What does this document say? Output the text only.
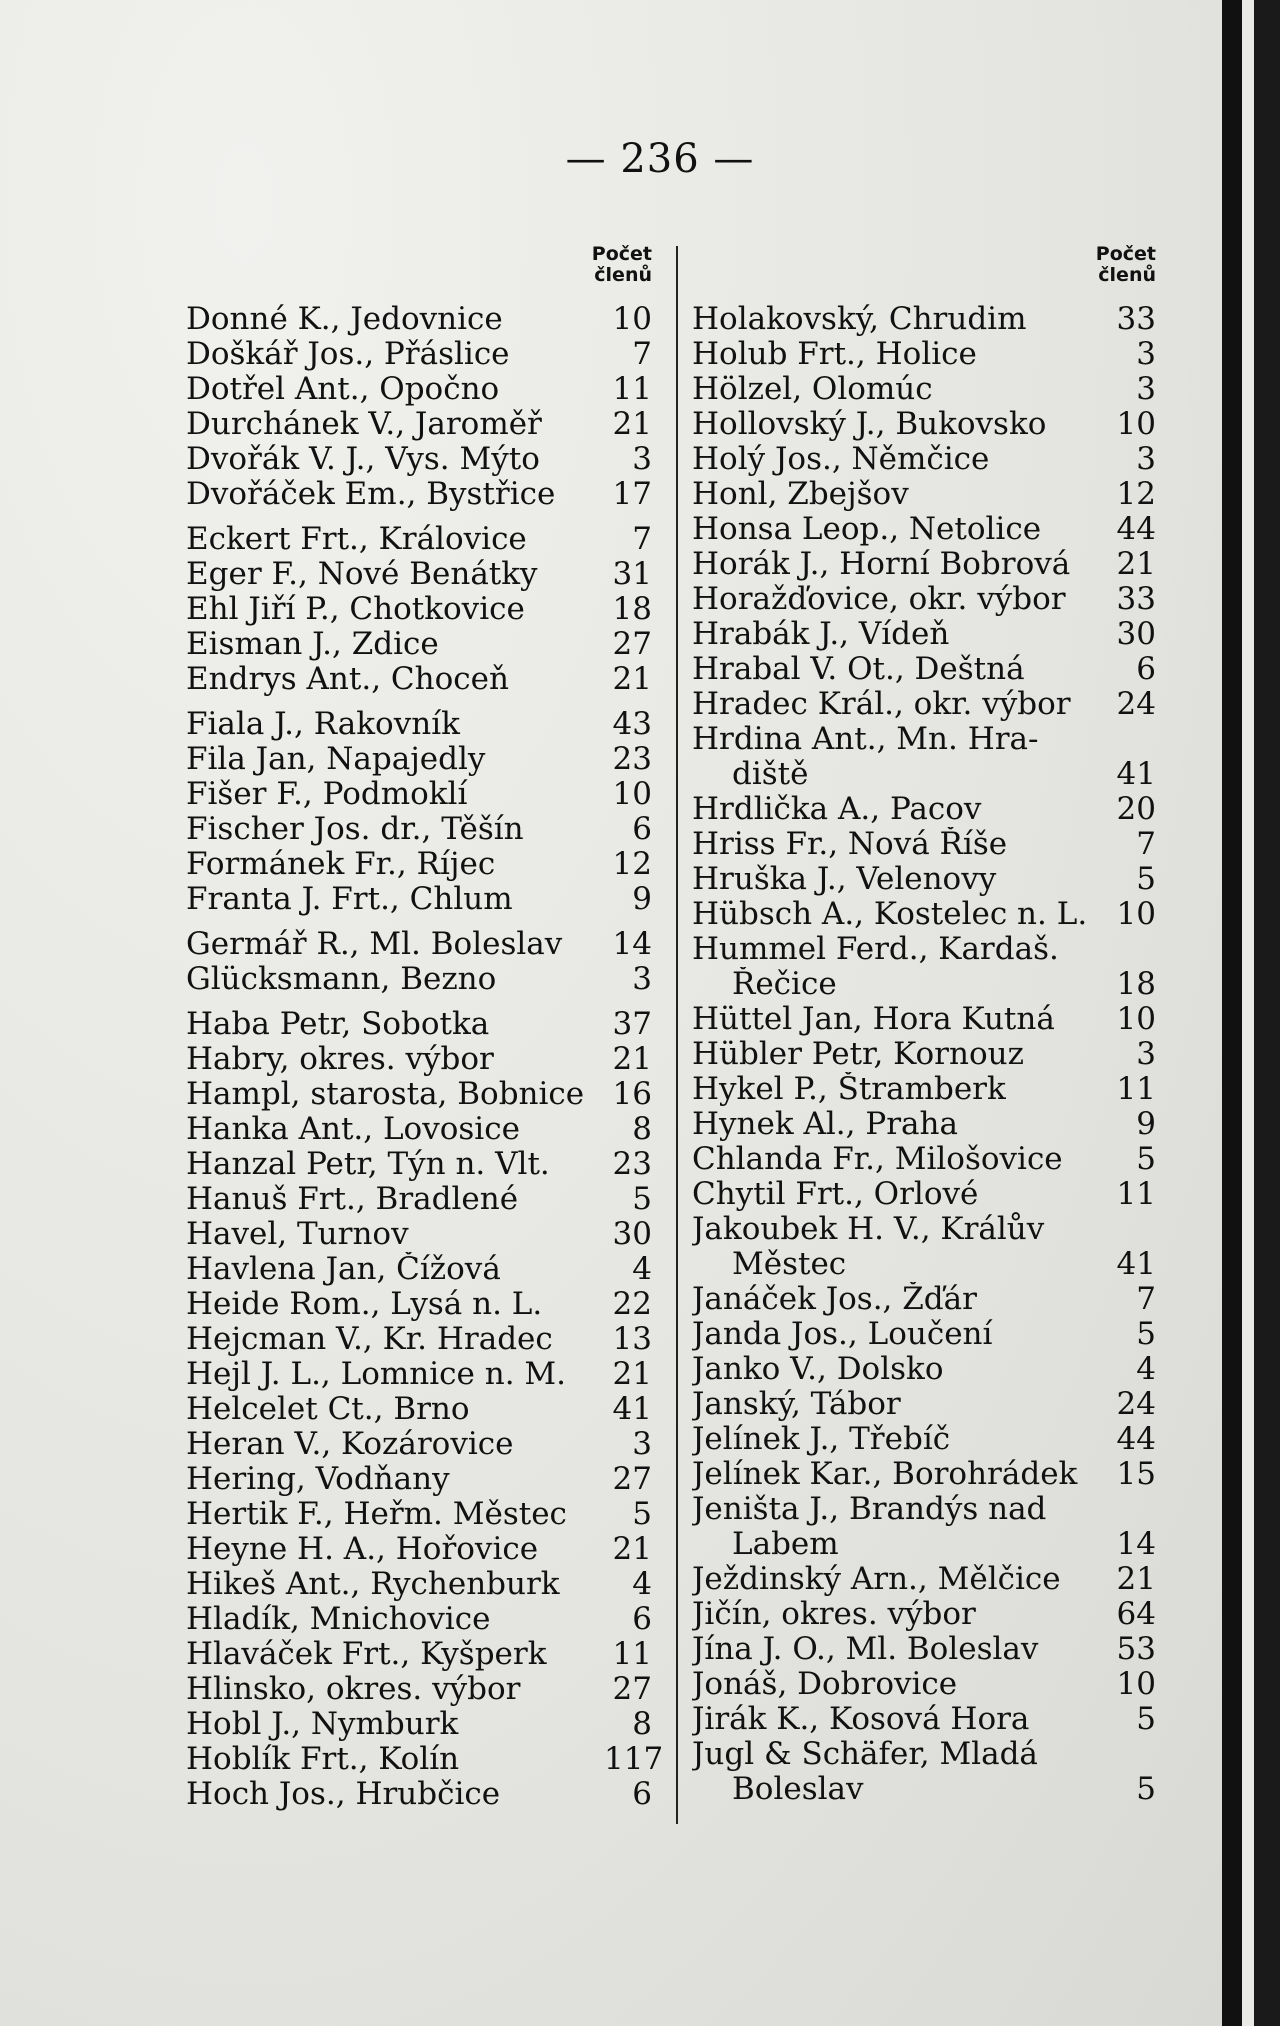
— 236 —
Počet
členů
Donné K., Jedovnice	10
Doškář Jos., Přáslice	7
Dotřel Ant., Opočno	11
Durchánek V., Jaroměř	21
Dvořák V. J., Vys. Mýto	3
Dvořáček Em., Bystřice	17
Eckert Frt., Královice	7
Eger F., Nové Benátky	31
Ehl Jiří P., Chotkovice	18
Eisman J., Zdice	27
Endrys Ant., Choceň	21
Fiala J., Rakovník	43
Fila Jan, Napajedly	23
Fišer F., Podmoklí	10
Fischer Jos. dr., Těšín	6
Formánek Fr., Ríjec	12
Franta J. Frt., Chlum	9
Germář R., Ml. Boleslav	14
Glücksmann, Bezno	3
Haba Petr, Sobotka	37
Habry, okres. výbor	21
Hampl, starosta, Bobnice 16
Hanka Ant., Lovosice	8
Hanzal Petr, Týn n. Vlt.	23
Hanuš Frt., Bradlené	5
Havel, Turnov	30
Havlena Jan, Čížová	4
Heide Rom., Lysá n. L.	22
Hejcman V., Kr. Hradec	13
Hejl J. L., Lomnice n. M.	21
Helcelet Ct., Brno	41
Heran V., Kozárovice	3
Hering, Vodňany	27
Hertik F., Heřm. Městec	5
Heyne H. A., Hořovice	21
Hikeš Ant., Rychenburk	4
Hladík, Mnichovice	6
Hlaváček Frt., Kyšperk	11
Hlinsko, okres. výbor	27
Hobl J., Nymburk	8
Hoblík Frt., Kolín	117
Hoch Jos., Hrubčice	6
Počet
členů
Holakovský, Chrudim	33
Holub Frt., Holice	3
Hölzel, Olomúc	3
Hollovský J., Bukovsko	10
Holý Jos., Němčice	3
Honl, Zbejšov	12
Honsa Leop., Netolice	44
Horák J., Horní Bobrová	21
Horažďovice, okr. výbor	33
Hrabák J., Vídeň	30
Hrabal V. Ot., Deštná	6
Hradec Král., okr. výbor	24
Hrdina Ant., Mn. Hra-
diště	41
Hrdlička A., Pacov	20
Hriss Fr., Nová Říše	7
Hruška J., Velenovy	5
Hübsch A., Kostelec n. L. 10
Hummel Ferd., Kardaš.
Řečice	18
Hüttel Jan, Hora Kutná	10
Hübler Petr, Kornouz	3
Hykel P., Štramberk	11
Hynek Al., Praha	9
Chlanda Fr., Milošovice	5
Chytil Frt., Orlové	11
Jakoubek H. V., Králův
Městec	41
Janáček Jos., Žďár	7
Janda Jos., Loučení	5
Janko V., Dolsko	4
Janský, Tábor	24
Jelínek J., Třebíč	44
Jelínek Kar., Borohrádek	15
Jeništa J., Brandýs nad
Labem	14
Ježdinský Arn., Mělčice	21
Jičín, okres. výbor	64
Jína J. O., Ml. Boleslav	53
Jonáš, Dobrovice	10
Jirák K., Kosová Hora	5
Jugl & Schäfer, Mladá
Boleslav	5
